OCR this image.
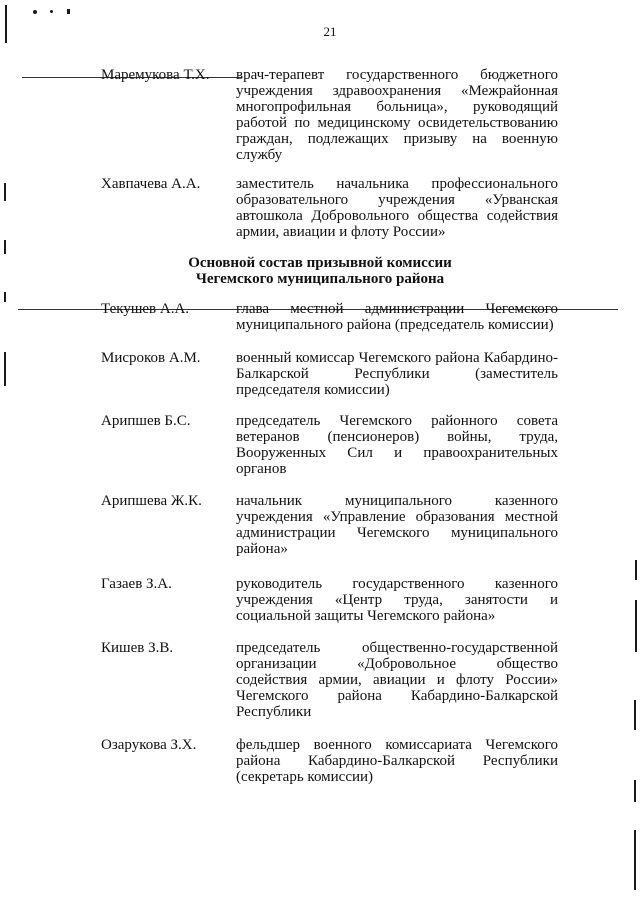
21
Маремукова Т.Х.	врач-терапевт государственного бюджетного учреждения здравоохранения «Межрайонная многопрофильная больница», руководящий работой по медицинскому освидетельствованию граждан, подлежащих призыву на военную службу
Хавпачева А.А.	заместитель начальника профессионального образовательного учреждения «Урванская автошкола Добровольного общества содействия армии, авиации и флоту России»
Основной состав призывной комиссии
Чегемского муниципального района
Текушев А.А.	глава местной администрации Чегемского муниципального района (председатель комиссии)
Мисроков А.М.	военный комиссар Чегемского района Кабардино-Балкарской Республики (заместитель председателя комиссии)
Арипшев Б.С.	председатель Чегемского районного совета ветеранов (пенсионеров) войны, труда, Вооруженных Сил и правоохранительных органов
Арипшева Ж.К.	начальник муниципального казенного учреждения «Управление образования местной администрации Чегемского муниципального района»
Газаев З.А.	руководитель государственного казенного учреждения «Центр труда, занятости и социальной защиты Чегемского района»
Кишев З.В.	председатель общественно-государственной организации «Добровольное общество содействия армии, авиации и флоту России» Чегемского района Кабардино-Балкарской Республики
Озарукова З.Х.	фельдшер военного комиссариата Чегемского района Кабардино-Балкарской Республики (секретарь комиссии)
